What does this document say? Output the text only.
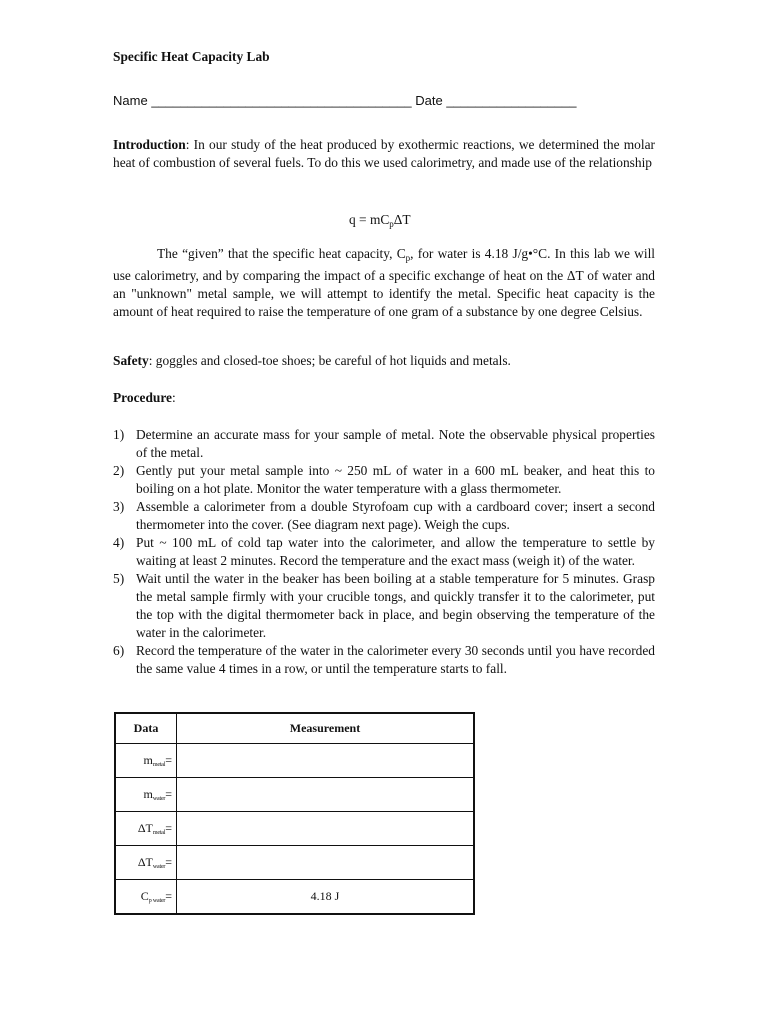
Specific Heat Capacity Lab

Name ____________________________________ Date __________________

Introduction: In our study of the heat produced by exothermic reactions, we determined the molar heat of combustion of several fuels. To do this we used calorimetry, and made use of the relationship

$q = mC_p\Delta T$

The “given” that the specific heat capacity, $C_p$, for water is 4.18 J/g•°C. In this lab we will use calorimetry, and by comparing the impact of a specific exchange of heat on the ΔT of water and an "unknown" metal sample, we will attempt to identify the metal. Specific heat capacity is the amount of heat required to raise the temperature of one gram of a substance by one degree Celsius.

Safety: goggles and closed-toe shoes; be careful of hot liquids and metals.

Procedure:

1) Determine an accurate mass for your sample of metal. Note the observable physical properties of the metal.
2) Gently put your metal sample into ~ 250 mL of water in a 600 mL beaker, and heat this to boiling on a hot plate. Monitor the water temperature with a glass thermometer.
3) Assemble a calorimeter from a double Styrofoam cup with a cardboard cover; insert a second thermometer into the cover. (See diagram next page). Weigh the cups.
4) Put ~ 100 mL of cold tap water into the calorimeter, and allow the temperature to settle by waiting at least 2 minutes. Record the temperature and the exact mass (weigh it) of the water.
5) Wait until the water in the beaker has been boiling at a stable temperature for 5 minutes. Grasp the metal sample firmly with your crucible tongs, and quickly transfer it to the calorimeter, put the top with the digital thermometer back in place, and begin observing the temperature of the water in the calorimeter.
6) Record the temperature of the water in the calorimeter every 30 seconds until you have recorded the same value 4 times in a row, or until the temperature starts to fall.
Data	Measurement
mmetal=	
mwater=	
ΔTmetal=	
ΔTwater=	
Cp water=	4.18 J
